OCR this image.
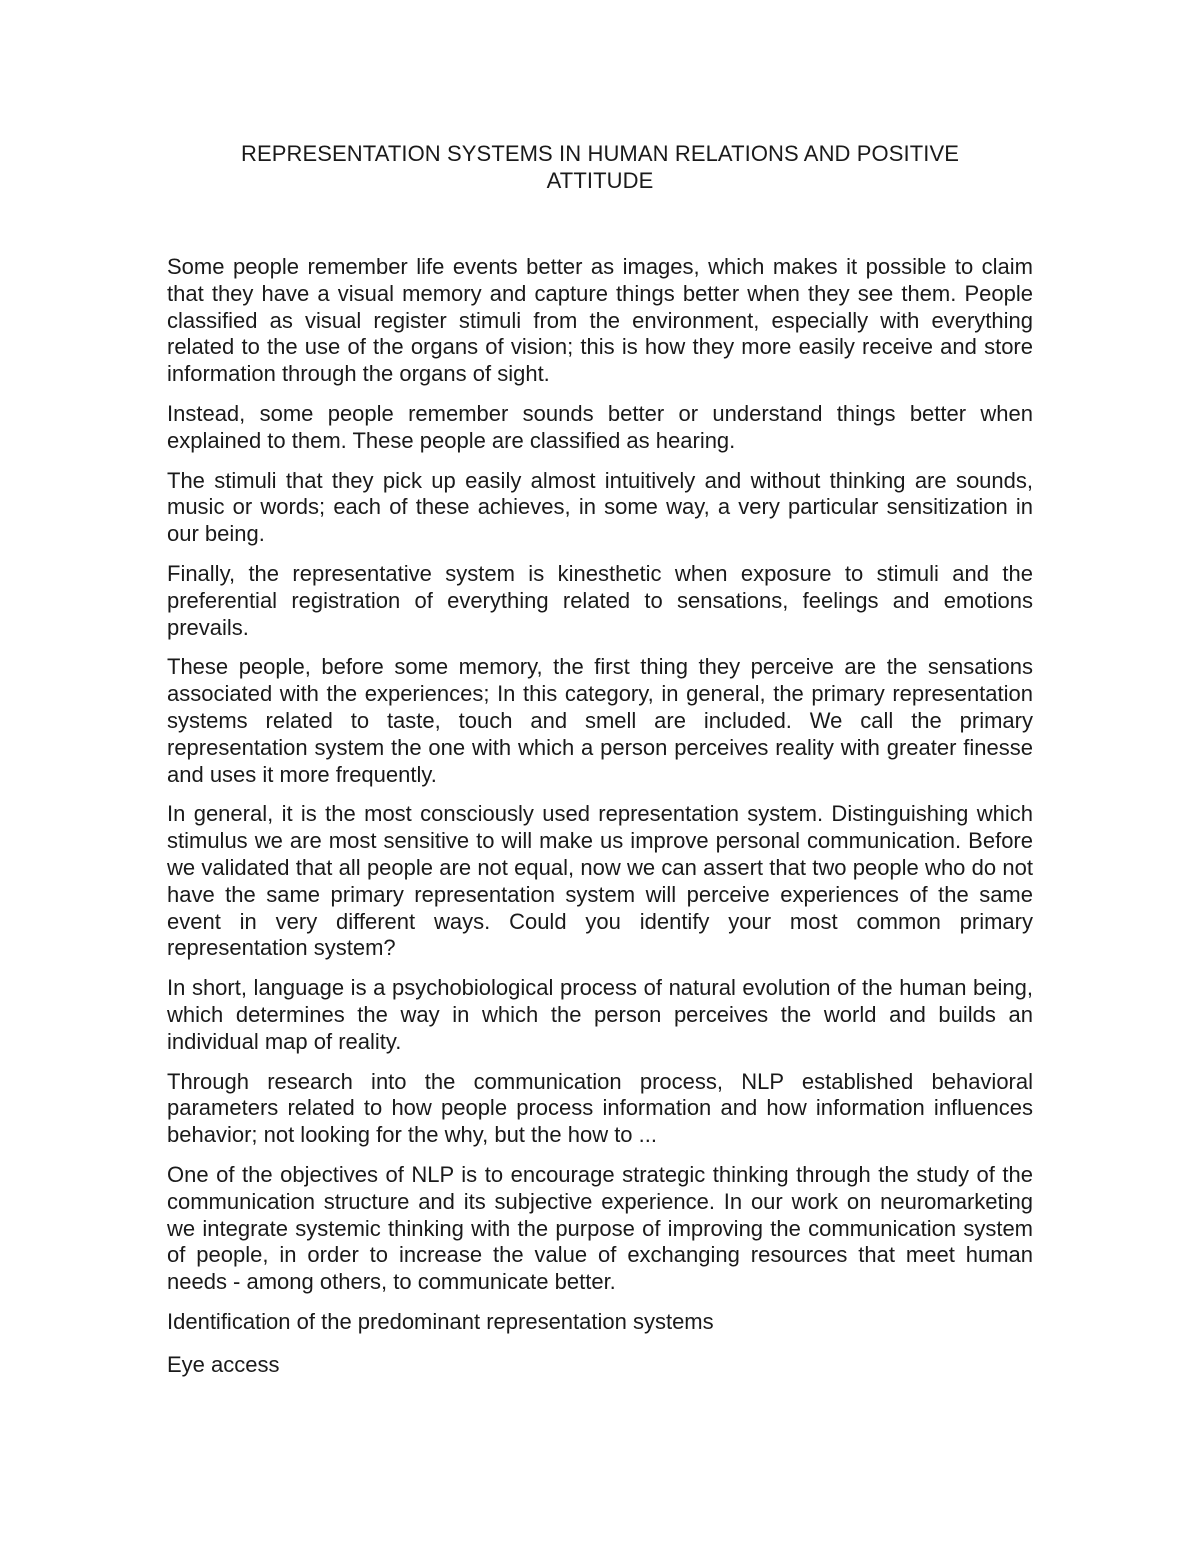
REPRESENTATION SYSTEMS IN HUMAN RELATIONS AND POSITIVE
ATTITUDE

Some people remember life events better as images, which makes it possible to claim that they have a visual memory and capture things better when they see them. People classified as visual register stimuli from the environment, especially with everything related to the use of the organs of vision; this is how they more easily receive and store information through the organs of sight.

Instead, some people remember sounds better or understand things better when explained to them. These people are classified as hearing.

The stimuli that they pick up easily almost intuitively and without thinking are sounds, music or words; each of these achieves, in some way, a very particular sensitization in our being.

Finally, the representative system is kinesthetic when exposure to stimuli and the preferential registration of everything related to sensations, feelings and emotions prevails.

These people, before some memory, the first thing they perceive are the sensations associated with the experiences; In this category, in general, the primary representation systems related to taste, touch and smell are included. We call the primary representation system the one with which a person perceives reality with greater finesse and uses it more frequently.

In general, it is the most consciously used representation system. Distinguishing which stimulus we are most sensitive to will make us improve personal communication. Before we validated that all people are not equal, now we can assert that two people who do not have the same primary representation system will perceive experiences of the same event in very different ways. Could you identify your most common primary representation system?

In short, language is a psychobiological process of natural evolution of the human being, which determines the way in which the person perceives the world and builds an individual map of reality.

Through research into the communication process, NLP established behavioral parameters related to how people process information and how information influences behavior; not looking for the why, but the how to ...

One of the objectives of NLP is to encourage strategic thinking through the study of the communication structure and its subjective experience. In our work on neuromarketing we integrate systemic thinking with the purpose of improving the communication system of people, in order to increase the value of exchanging resources that meet human needs - among others, to communicate better.

Identification of the predominant representation systems

Eye access
